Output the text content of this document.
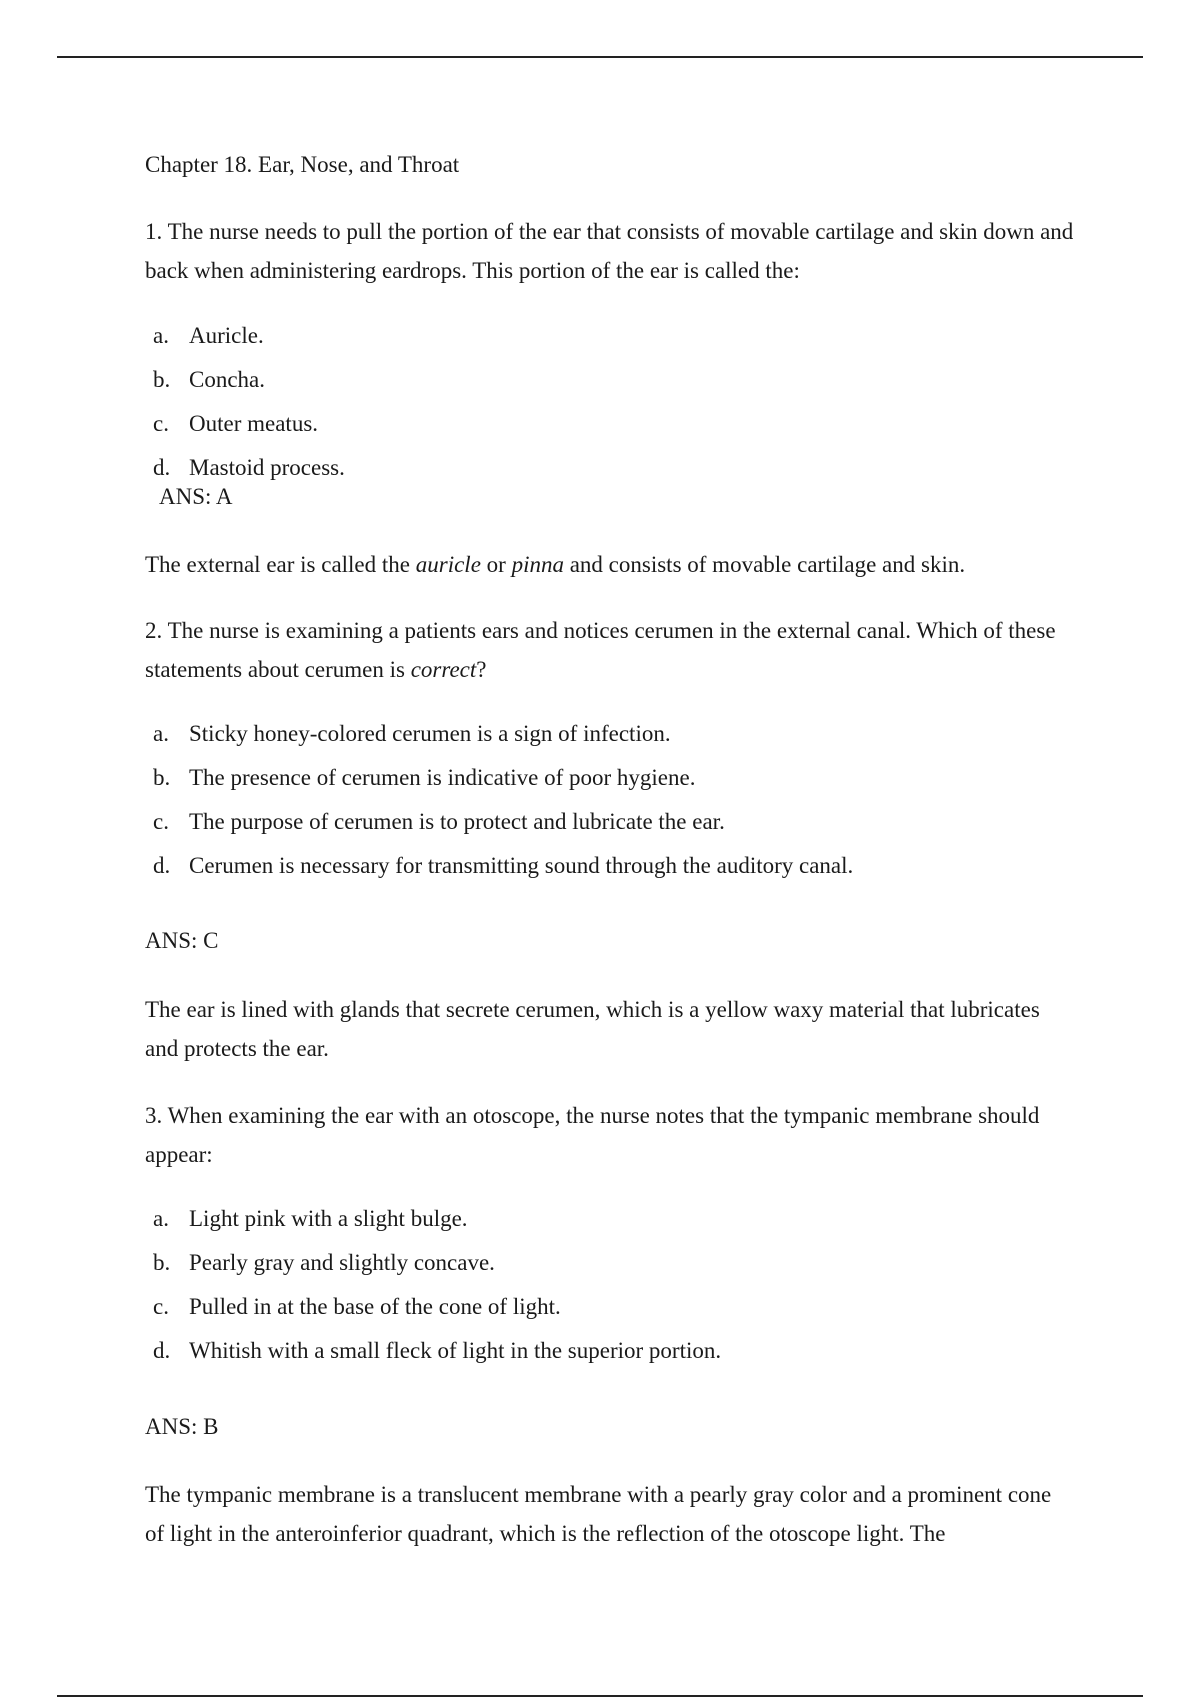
Chapter 18. Ear, Nose, and Throat

1. The nurse needs to pull the portion of the ear that consists of movable cartilage and skin down and back when administering eardrops. This portion of the ear is called the:

a. Auricle.
b. Concha.
c. Outer meatus.
d. Mastoid process.
ANS: A

The external ear is called the auricle or pinna and consists of movable cartilage and skin.

2. The nurse is examining a patients ears and notices cerumen in the external canal. Which of these statements about cerumen is correct?

a. Sticky honey-colored cerumen is a sign of infection.
b. The presence of cerumen is indicative of poor hygiene.
c. The purpose of cerumen is to protect and lubricate the ear.
d. Cerumen is necessary for transmitting sound through the auditory canal.
ANS: C

The ear is lined with glands that secrete cerumen, which is a yellow waxy material that lubricates and protects the ear.

3. When examining the ear with an otoscope, the nurse notes that the tympanic membrane should appear:

a. Light pink with a slight bulge.
b. Pearly gray and slightly concave.
c. Pulled in at the base of the cone of light.
d. Whitish with a small fleck of light in the superior portion.
ANS: B

The tympanic membrane is a translucent membrane with a pearly gray color and a prominent cone of light in the anteroinferior quadrant, which is the reflection of the otoscope light. The
